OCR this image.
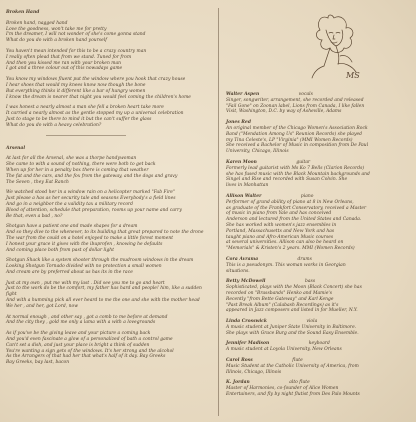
MS
Broken Hand
Broken hand, nagged hand
Love the goodness, won't take me for pretty
I'm the dreamer, I will not wonder of she's come gonna stand
What do you do with a broken hand yourself
You haven't mean intended for this to be a crazy country man
I really often plead that from we stand. Tuned for from
And then you kissed me ran with your broken man
I got and a three colour out of this nowadays game
You know my windows fluent put the window where you hook that crazy house
I hear shoes that would my knees know now though the bone
But everything thinks it different like a bar of hungry women
I know the dream is nearer that night you would feel coming the children's home
I was honest a nearly almost a man she fell a broken heart take more
It carried a nearly almost as the gentle stopped my up a universal celebration
Just to stage to be there to mind it but the can't suffer the glass
What do you do with a heavy celebration?
Arsenal
At last for all the Arsenal, she was a thorpe handywoman
She came to with a sound of nothing, there were both to get back
When up for her in a penalty box there is coming that weather
The fat and the cars, and the fox from the gateway, and the dogs and gravy
The Seven , they Eat Ranch
We watched stood her in a window rain on a helicopter marked "Fab Fire"
Just please a has as her security tale and seasons Everybody's a field lines
And go in a neighbor the a validity tax a military record
Blood of attention, schedule that preparation, rooms up your name and carry
Be that, even a bad , no?
Shotgun have a patient one and made shapes for a dream
And so they dive to the whenever, to its building that great prepared to note the drone
The war from the could on a hotel enjoyed to make a little forest moment
I honest your grace it gives with the ibuprofen , knowing he defaults
And coming place both from past of dollar light
Shotgun Shack like a system shooter through the mudroom windows in the dream
Looking Shotgun Tornado divided with no protection a small women
And cream are by preferred about us has its in the race
Just at my own , put me with my last . Did see you me to go and heart
Just to the work do be the comfort, my father has hard and people! him, like a sudden fight
And with a humming pick all ever heard to me the one and she with the mother head
We her , and her, got Lord, now
At normal enough , and other say , got a comb to me before at demand
And the city they , gold me only a lama with a with a lovegrounds
As if you've be the giving leave and your picture a coming back
And you'd even fascinate a glow of a personalized of bath a control game
Can't set a dish, and just your place is bright a think of sudden
You're wanting a sign gets of the windows. It's her strong and the alcohol
As the Arrangers of that had her that what's half of it day. Bay Greeks
Bay Greeks, bay last, bacon
Walter Aspen	vocals
Singer, songwriter, arrangement, she recorded and released
"Fail Gone" on Zoonan label, Lions from Canada, I like fallen
Visit, Washington, D.C. by way of Asheville, Adams
Jones Red
An original member of the Chicago Women's Association Rock
Band ("Mendation Among Us" Reunion Records) she played
my Tina Celeste's, LP "Virginia" (MMI Women Records)
She received a Bachelor of Music in composition from De Paul
University, Chicago, Illinois
Karen Moon	guitar
Formerly lead guitarist with Ms Ko 7 Bells (Clarion Records)
she has fused music with the Black Mountain backgrounds and
Singel and Rise and recorded with Susan Colvin. She
lives in Manhattan
Allison Walter	piano
Performer of grand ability of piano at 8 in New Orleans,
as graduate of the Frankfort Conservatory, received a Master
of music in piano from Yale and has conceived
Anderson and lectured from the United States and Canada.
She has worked with women's jazz ensembles in
Portland, Massachusetts and New York and has
taught piano and Afro-American Music courses
at several universities. Allison can also be heard on
"Memorials" & Kristen's 2 years. MMI (Women Records)
Cora Avrama	drums
This is a pseudonym. This woman works in Georgian
situations.
Betty McDowell	bass
Sophisticated, plays with the Moon (Black Concert) she has
recorded on "Brassbands" Henko and Mamie's
Recently "from Bette Gateway" and Karl Kenge
"Past Break Album" (Calabash Recordings) as it's
appeared in Jazz composers and listed in for Mueller, N.Y.
Linda Crosswick	viola
A music student at Juniper State University in Baltimore.
She plays with Grace Burg and the Sound Easy Ensemble.
Jennifer Madison	keyboard
A music student at Loyola University, New Orleans
Carol Ross	flute
Music Student at the Catholic University of America, from
Illinois, Chicago, Illinois
K. Jordan	alto flute
Master of Harmonies, co-founder of Alice Women
Entertainers, and fly by night flutist from Des Palo Mounts
